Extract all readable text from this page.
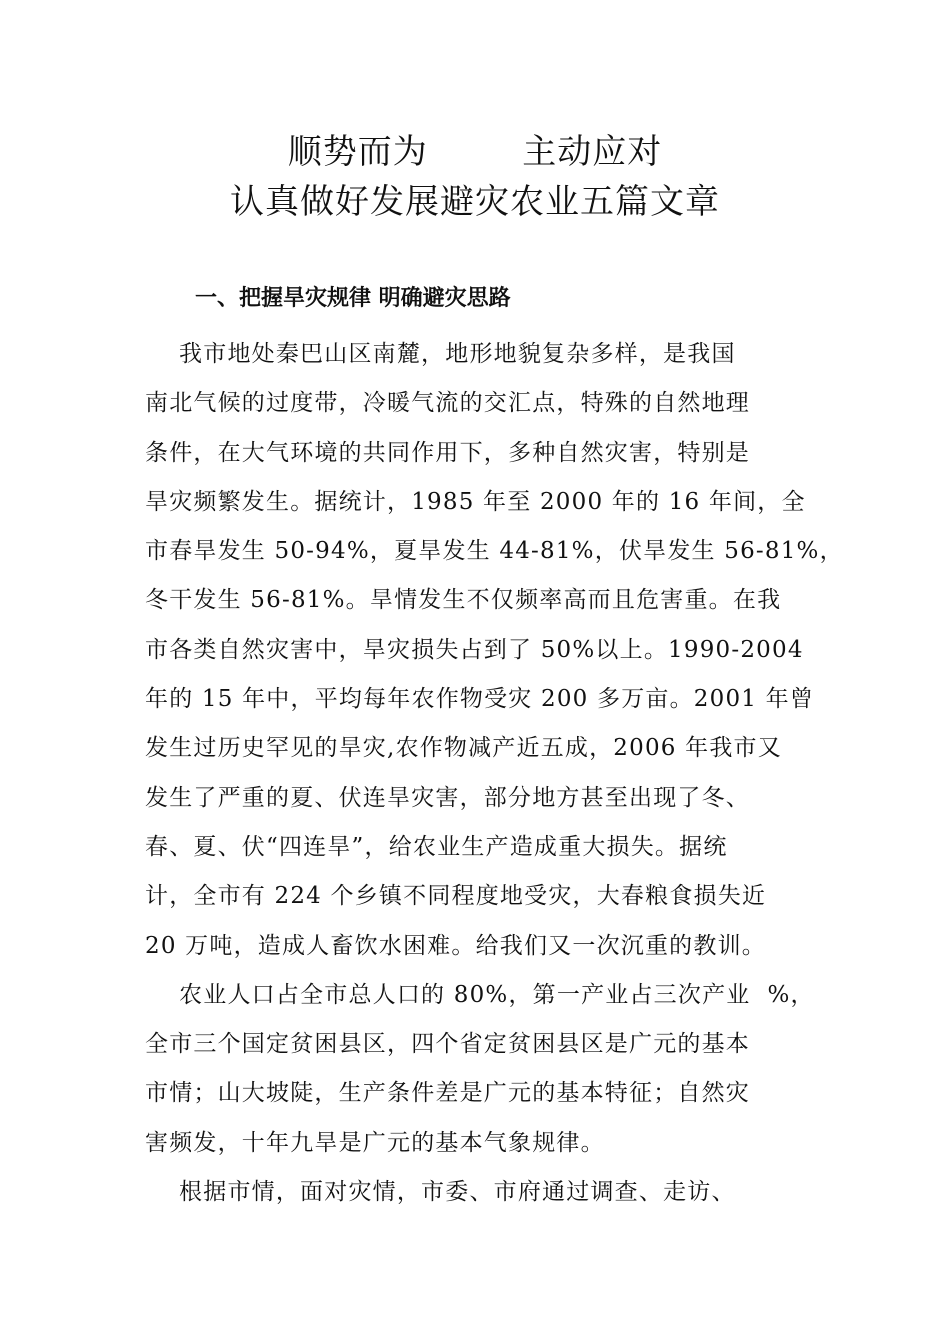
顺势而为        主动应对
认真做好发展避灾农业五篇文章
一、把握旱灾规律 明确避灾思路

我市地处秦巴山区南麓，地形地貌复杂多样，是我国

南北气候的过度带，冷暖气流的交汇点，特殊的自然地理

条件，在大气环境的共同作用下，多种自然灾害，特别是

旱灾频繁发生。据统计，1985 年至 2000 年的 16 年间，全

市春旱发生 50-94%，夏旱发生 44-81%，伏旱发生 56-81%，

冬干发生 56-81%。旱情发生不仅频率高而且危害重。在我

市各类自然灾害中，旱灾损失占到了 50%以上。1990-2004

年的 15 年中，平均每年农作物受灾 200 多万亩。2001 年曾

发生过历史罕见的旱灾,农作物减产近五成，2006 年我市又

发生了严重的夏、伏连旱灾害，部分地方甚至出现了冬、

春、夏、伏“四连旱”，给农业生产造成重大损失。据统

计，全市有 224 个乡镇不同程度地受灾，大春粮食损失近

20 万吨，造成人畜饮水困难。给我们又一次沉重的教训。

农业人口占全市总人口的 80%，第一产业占三次产业  %，

全市三个国定贫困县区，四个省定贫困县区是广元的基本

市情；山大坡陡，生产条件差是广元的基本特征；自然灾

害频发，十年九旱是广元的基本气象规律。

根据市情，面对灾情，市委、市府通过调查、走访、
